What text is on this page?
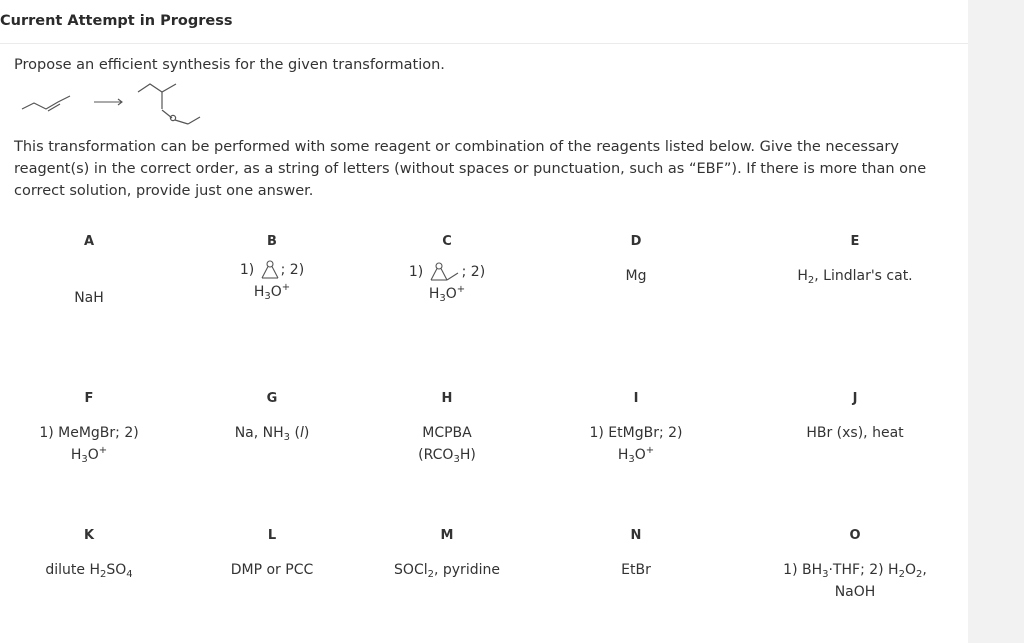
Current Attempt in Progress
Propose an efficient synthesis for the given transformation.
This transformation can be performed with some reagent or combination of the reagents listed below. Give the necessary reagent(s) in the correct order, as a string of letters (without spaces or punctuation, such as “EBF”). If there is more than one correct solution, provide just one answer.
A
NaH
B
1) ; 2)
$H_3O^+$
C
1) ; 2)
$H_3O^+$
D
Mg
E
$H_2$, Lindlar's cat.
F
1) MeMgBr; 2)
$H_3O^+$
G
Na, $NH_3$ (l)
H
MCPBA
$(RCO_3H)$
I
1) EtMgBr; 2)
$H_3O^+$
J
HBr (xs), heat
K
dilute $H_2SO_4$
L
DMP or PCC
M
SOCl$_2$, pyridine
N
EtBr
O
1) $BH_3\cdot THF$; 2) $H_2O_2$,
NaOH
